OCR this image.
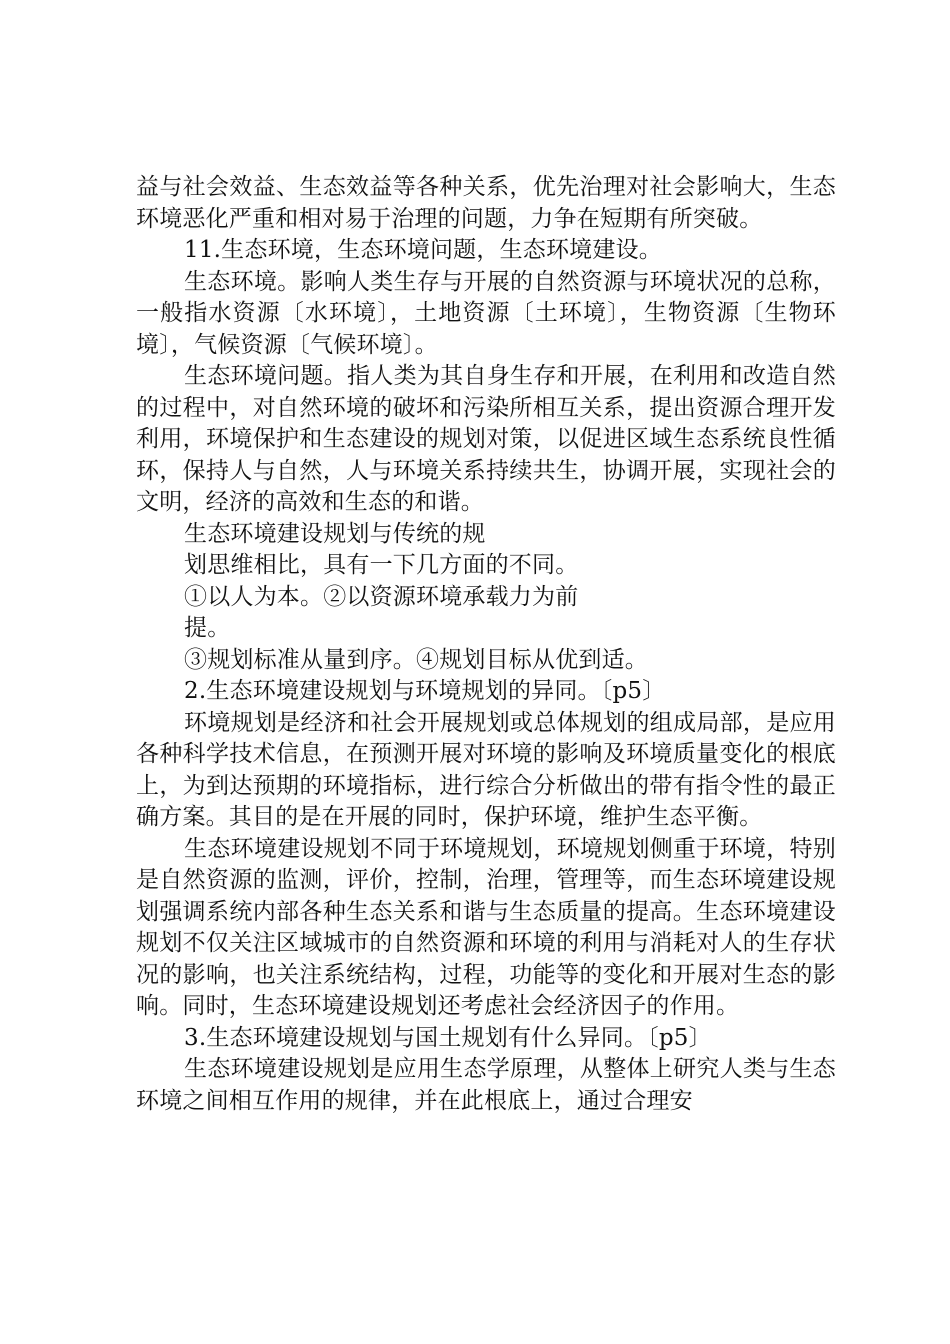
益与社会效益、生态效益等各种关系，优先治理对社会影响大，生态环境恶化严重和相对易于治理的问题，力争在短期有所突破。

11.生态环境，生态环境问题，生态环境建设。

生态环境。影响人类生存与开展的自然资源与环境状况的总称，一般指水资源〔水环境〕，土地资源〔土环境〕，生物资源〔生物环境〕，气候资源〔气候环境〕。

生态环境问题。指人类为其自身生存和开展，在利用和改造自然的过程中，对自然环境的破坏和污染所相互关系，提出资源合理开发利用，环境保护和生态建设的规划对策，以促进区域生态系统良性循环，保持人与自然，人与环境关系持续共生，协调开展，实现社会的文明，经济的高效和生态的和谐。

生态环境建设规划与传统的规

划思维相比，具有一下几方面的不同。

①以人为本。②以资源环境承载力为前

提。

③规划标准从量到序。④规划目标从优到适。

2.生态环境建设规划与环境规划的异同。〔p5〕

环境规划是经济和社会开展规划或总体规划的组成局部，是应用各种科学技术信息，在预测开展对环境的影响及环境质量变化的根底上，为到达预期的环境指标，进行综合分析做出的带有指令性的最正确方案。其目的是在开展的同时，保护环境，维护生态平衡。

生态环境建设规划不同于环境规划，环境规划侧重于环境，特别是自然资源的监测，评价，控制，治理，管理等，而生态环境建设规划强调系统内部各种生态关系和谐与生态质量的提高。生态环境建设规划不仅关注区域城市的自然资源和环境的利用与消耗对人的生存状况的影响，也关注系统结构，过程，功能等的变化和开展对生态的影响。同时，生态环境建设规划还考虑社会经济因子的作用。

3.生态环境建设规划与国土规划有什么异同。〔p5〕

生态环境建设规划是应用生态学原理，从整体上研究人类与生态环境之间相互作用的规律，并在此根底上，通过合理安
